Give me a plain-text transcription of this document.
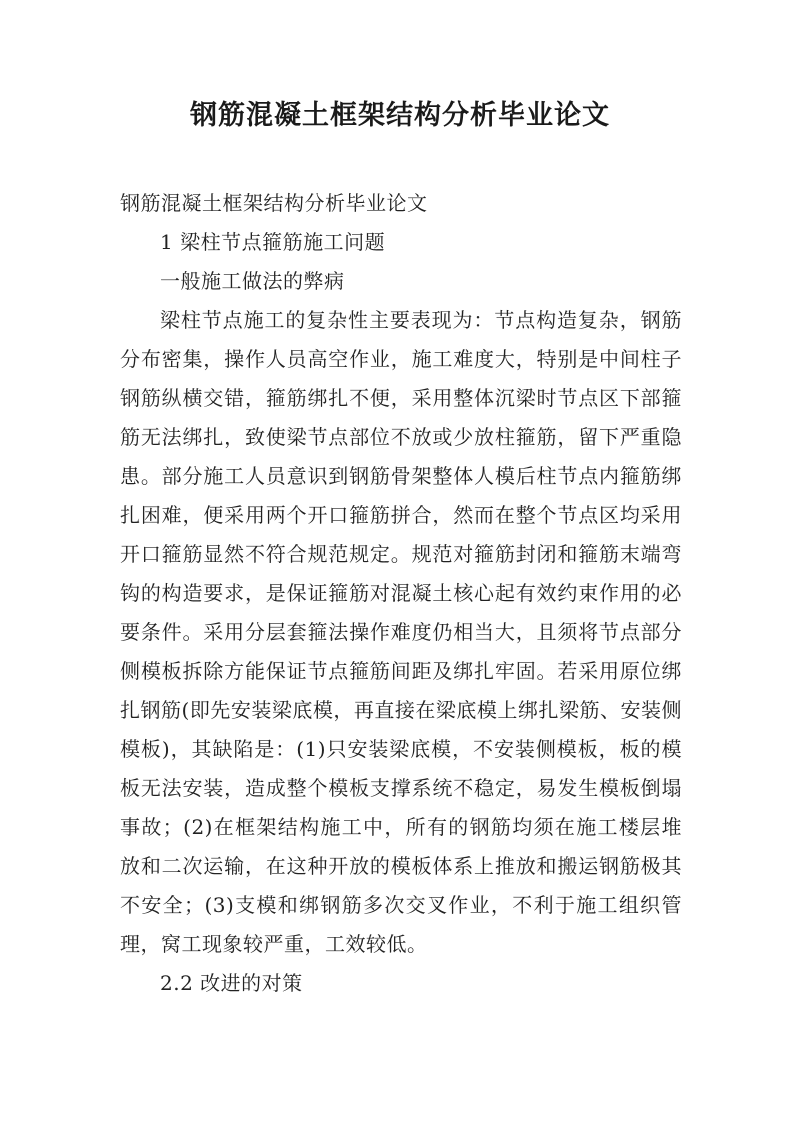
钢筋混凝土框架结构分析毕业论文

钢筋混凝土框架结构分析毕业论文

1 梁柱节点箍筋施工问题

一般施工做法的弊病

梁柱节点施工的复杂性主要表现为：节点构造复杂，钢筋分布密集，操作人员高空作业，施工难度大，特别是中间柱子钢筋纵横交错，箍筋绑扎不便，采用整体沉梁时节点区下部箍筋无法绑扎，致使梁节点部位不放或少放柱箍筋，留下严重隐患。部分施工人员意识到钢筋骨架整体人模后柱节点内箍筋绑扎困难，便采用两个开口箍筋拼合，然而在整个节点区均采用开口箍筋显然不符合规范规定。规范对箍筋封闭和箍筋末端弯钩的构造要求，是保证箍筋对混凝土核心起有效约束作用的必要条件。采用分层套箍法操作难度仍相当大，且须将节点部分侧模板拆除方能保证节点箍筋间距及绑扎牢固。若采用原位绑扎钢筋(即先安装梁底模，再直接在梁底模上绑扎梁筋、安装侧模板)，其缺陷是：(1)只安装梁底模，不安装侧模板，板的模板无法安装，造成整个模板支撑系统不稳定，易发生模板倒塌事故；(2)在框架结构施工中，所有的钢筋均须在施工楼层堆放和二次运输，在这种开放的模板体系上推放和搬运钢筋极其不安全；(3)支模和绑钢筋多次交叉作业，不利于施工组织管理，窝工现象较严重，工效较低。

2.2 改进的对策
